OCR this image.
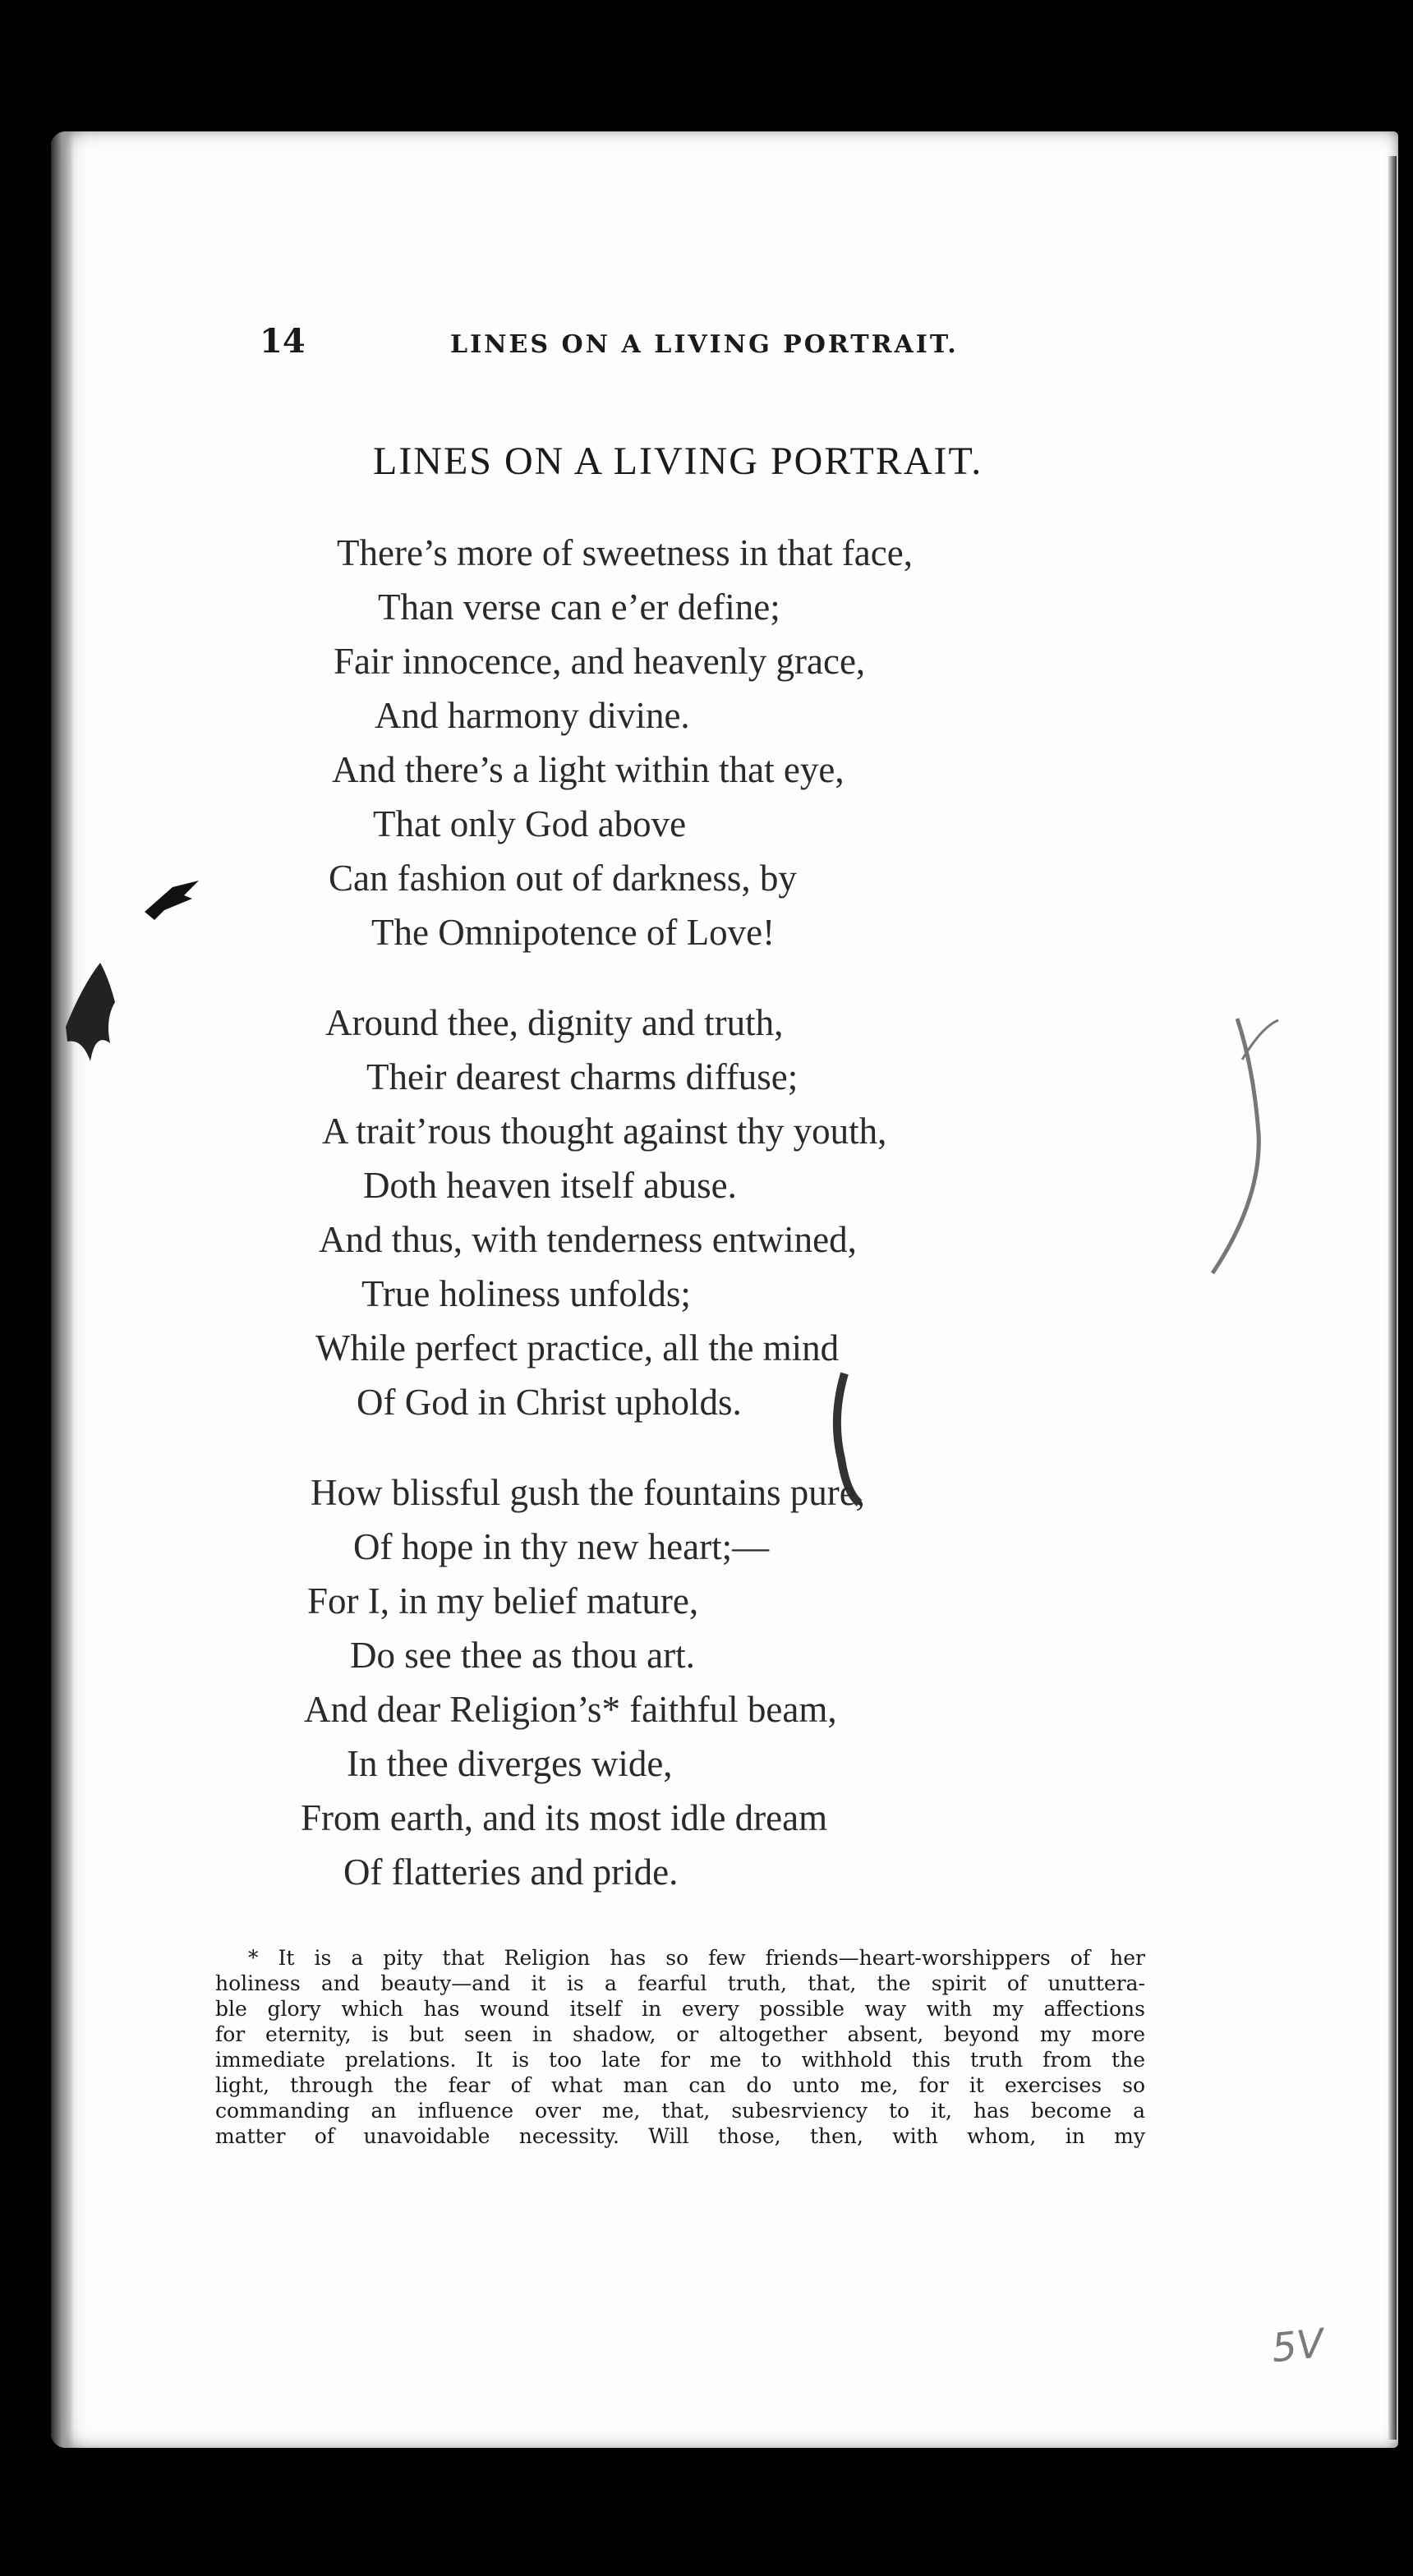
14	LINES ON A LIVING PORTRAIT.
LINES ON A LIVING PORTRAIT.
There’s more of sweetness in that face,
Than verse can e’er define;
Fair innocence, and heavenly grace,
And harmony divine.
And there’s a light within that eye,
That only God above
Can fashion out of darkness, by
The Omnipotence of Love!
Around thee, dignity and truth,
Their dearest charms diffuse;
A trait’rous thought against thy youth,
Doth heaven itself abuse.
And thus, with tenderness entwined,
True holiness unfolds;
While perfect practice, all the mind
Of God in Christ upholds.
How blissful gush the fountains pure,
Of hope in thy new heart;—
For I, in my belief mature,
Do see thee as thou art.
And dear Religion’s* faithful beam,
In thee diverges wide,
From earth, and its most idle dream
Of flatteries and pride.
* It is a pity that Religion has so few friends—heart-worshippers of her
holiness and beauty—and it is a fearful truth, that, the spirit of unuttera-
ble glory which has wound itself in every possible way with my affections
for eternity, is but seen in shadow, or altogether absent, beyond my more
immediate prelations. It is too late for me to withhold this truth from the
light, through the fear of what man can do unto me, for it exercises so
commanding an influence over me, that, subesrviency to it, has become a
matter of unavoidable necessity. Will those, then, with whom, in my
5V
